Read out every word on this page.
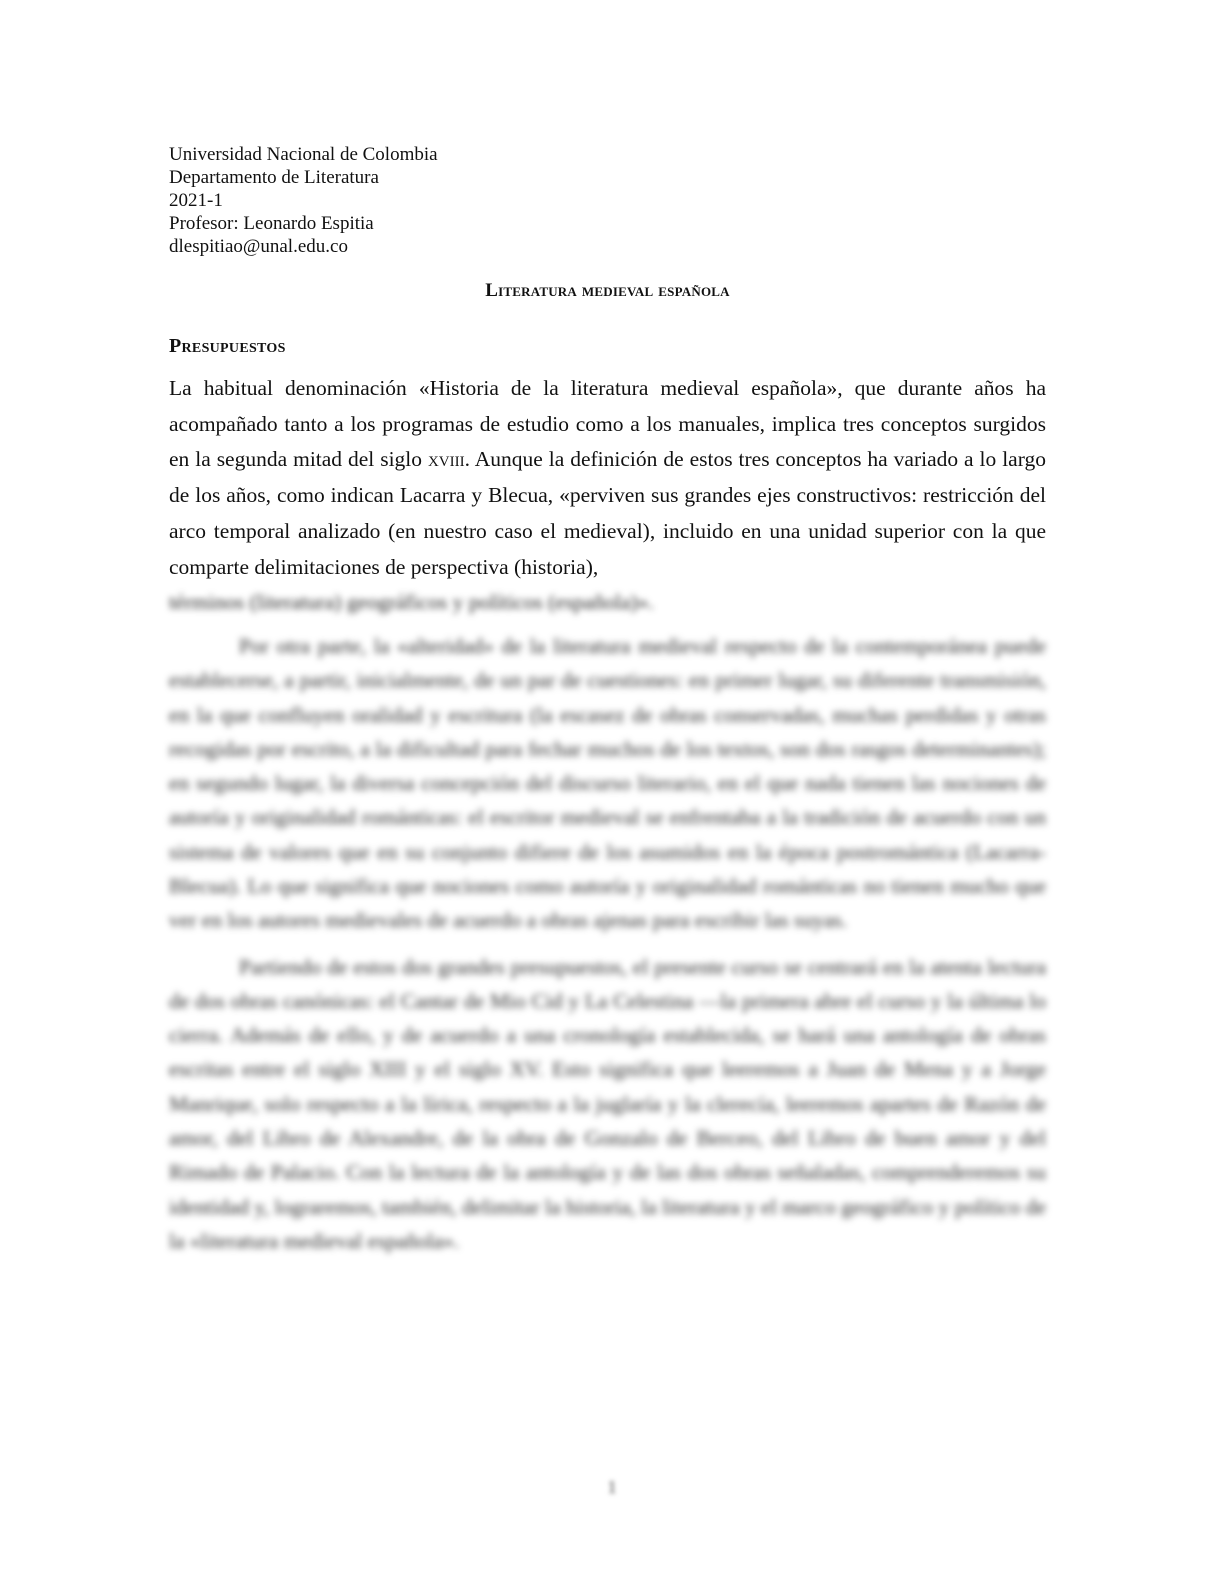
Universidad Nacional de Colombia
Departamento de Literatura
2021-1
Profesor: Leonardo Espitia
dlespitiao@unal.edu.co
Literatura medieval española
Presupuestos
La habitual denominación «Historia de la literatura medieval española», que durante años ha acompañado tanto a los programas de estudio como a los manuales, implica tres conceptos surgidos en la segunda mitad del siglo xviii. Aunque la definición de estos tres conceptos ha variado a lo largo de los años, como indican Lacarra y Blecua, «perviven sus grandes ejes constructivos: restricción del arco temporal analizado (en nuestro caso el medieval), incluido en una unidad superior con la que comparte delimitaciones de perspectiva (historia),
términos (literatura) geográficos y políticos (española)».
Por otra parte, la «alteridad» de la literatura medieval respecto de la contemporánea puede establecerse, a partir, inicialmente, de un par de cuestiones: en primer lugar, su diferente transmisión, en la que confluyen oralidad y escritura (la escasez de obras conservadas, muchas perdidas y otras recogidas por escrito, a la dificultad para fechar muchos de los textos, son dos rasgos determinantes); en segundo lugar, la diversa concepción del discurso literario, en el que nada tienen las nociones de autoría y originalidad románticas: el escritor medieval se enfrentaba a la tradición de acuerdo con un sistema de valores que en su conjunto difiere de los asumidos en la época postromántica (Lacarra-Blecua). Lo que significa que nociones como autoría y originalidad románticas no tienen mucho que ver en los autores medievales de acuerdo a obras ajenas para escribir las suyas.
Partiendo de estos dos grandes presupuestos, el presente curso se centrará en la atenta lectura de dos obras canónicas: el Cantar de Mio Cid y La Celestina —la primera abre el curso y la última lo cierra. Además de ello, y de acuerdo a una cronología establecida, se hará una antología de obras escritas entre el siglo XIII y el siglo XV. Esto significa que leeremos a Juan de Mena y a Jorge Manrique, solo respecto a la lírica, respecto a la juglaría y la clerecía, leeremos apartes de Razón de amor, del Libro de Alexandre, de la obra de Gonzalo de Berceo, del Libro de buen amor y del Rimado de Palacio. Con la lectura de la antología y de las dos obras señaladas, comprenderemos su identidad y, lograremos, también, delimitar la historia, la literatura y el marco geográfico y político de la «literatura medieval española».
1
